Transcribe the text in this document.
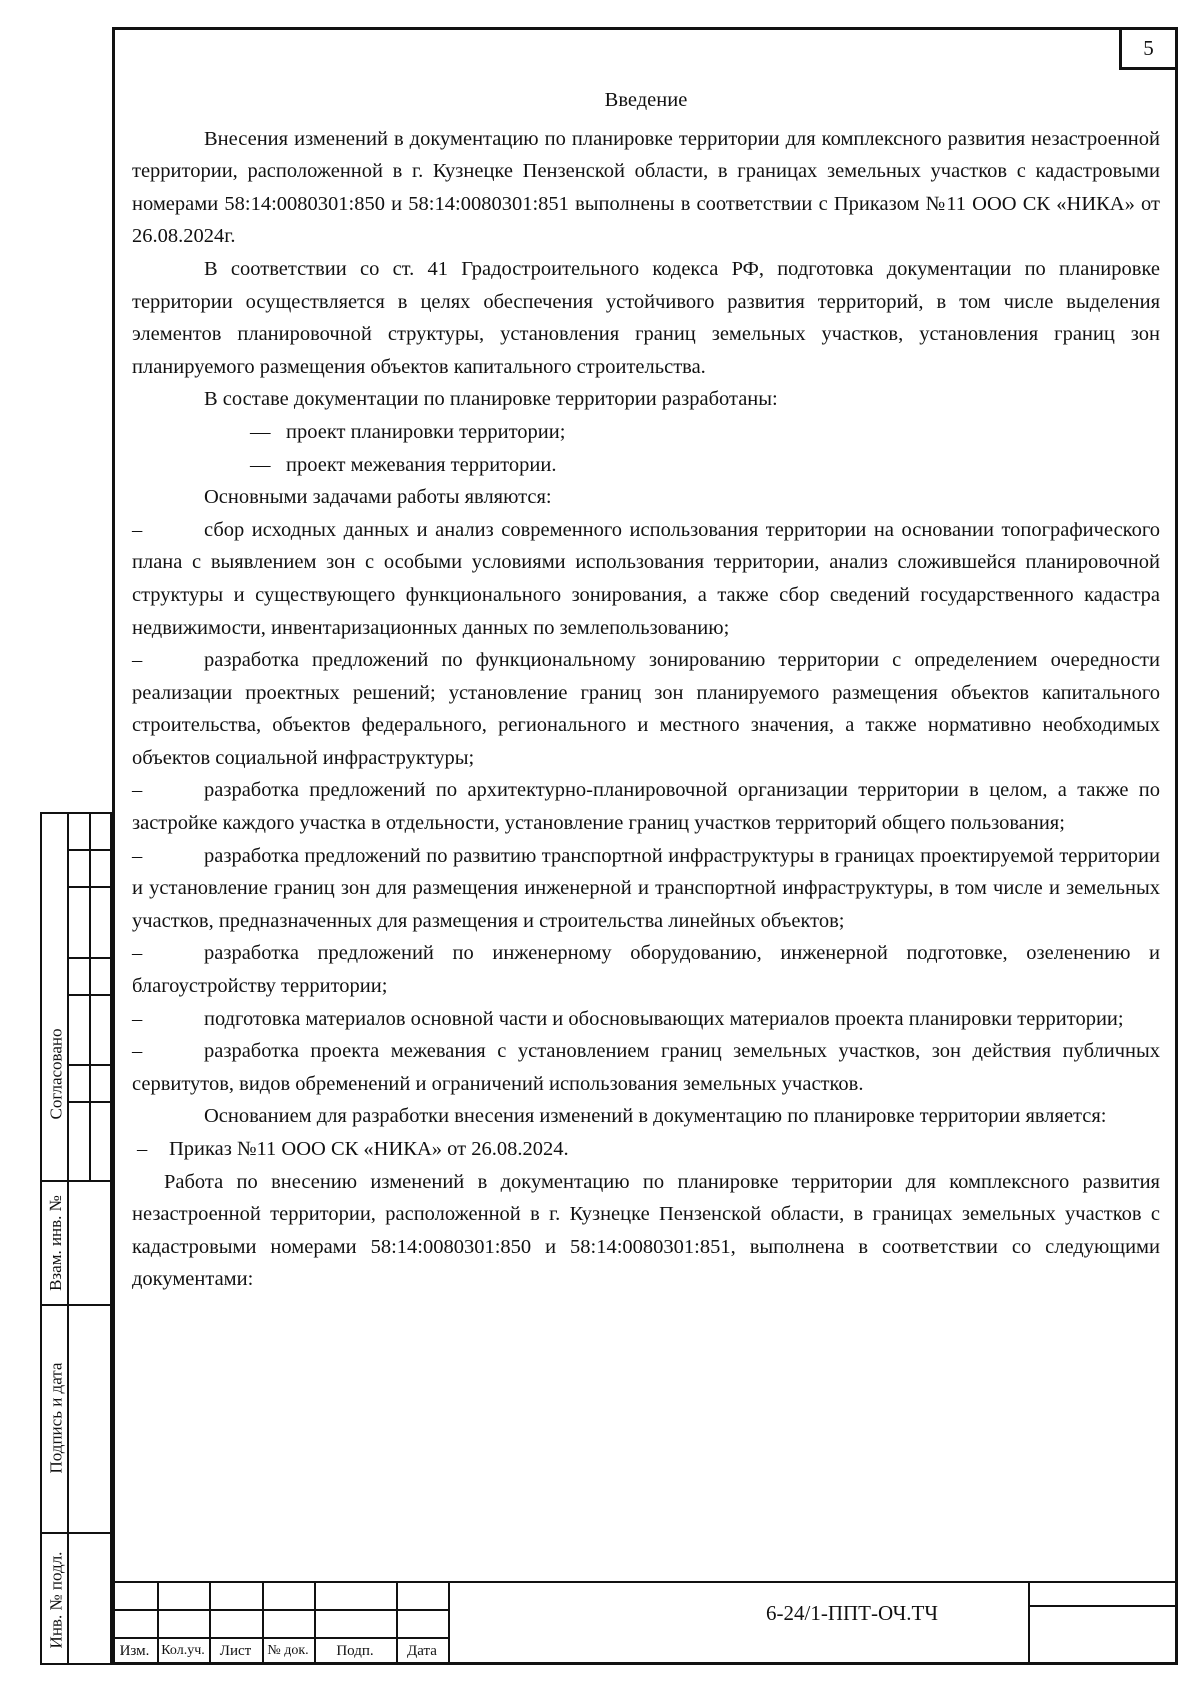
5
Введение

Внесения изменений в документацию по планировке территории для комплексного развития незастроенной территории, расположенной в г. Кузнецке Пензенской области, в границах земельных участков с кадастровыми номерами 58:14:0080301:850 и 58:14:0080301:851 выполнены в соответствии с Приказом №11 ООО СК «НИКА» от 26.08.2024г.

В соответствии со ст. 41 Градостроительного кодекса РФ, подготовка документации по планировке территории осуществляется в целях обеспечения устойчивого развития территорий, в том числе выделения элементов планировочной структуры, установления границ земельных участков, установления границ зон планируемого размещения объектов капитального строительства.

В составе документации по планировке территории разработаны:

— проект планировки территории;

— проект межевания территории.

Основными задачами работы являются:

–	сбор исходных данных и анализ современного использования территории на основании топографического плана с выявлением зон с особыми условиями использования территории, анализ сложившейся планировочной структуры и существующего функционального зонирования, а также сбор сведений государственного кадастра недвижимости, инвентаризационных данных по землепользованию;

–	разработка предложений по функциональному зонированию территории с определением очередности реализации проектных решений; установление границ зон планируемого размещения объектов капитального строительства, объектов федерального, регионального и местного значения, а также нормативно необходимых объектов социальной инфраструктуры;

–	разработка предложений по архитектурно-планировочной организации территории в целом, а также по застройке каждого участка в отдельности, установление границ участков территорий общего пользования;

–	разработка предложений по развитию транспортной инфраструктуры в границах проектируемой территории и установление границ зон для размещения инженерной и транспортной инфраструктуры, в том числе и земельных участков, предназначенных для размещения и строительства линейных объектов;

–	разработка предложений по инженерному оборудованию, инженерной подготовке, озеленению и благоустройству территории;

–	подготовка материалов основной части и обосновывающих материалов проекта планировки территории;

–	разработка проекта межевания с установлением границ земельных участков, зон действия публичных сервитутов, видов обременений и ограничений использования земельных участков.

Основанием для разработки внесения изменений в документацию по планировке территории является:

– Приказ №11 ООО СК «НИКА» от 26.08.2024.

Работа по внесению изменений в документацию по планировке территории для комплексного развития незастроенной территории, расположенной в г. Кузнецке Пензенской области, в границах земельных участков с кадастровыми номерами 58:14:0080301:850 и 58:14:0080301:851, выполнена в соответствии со следующими документами:

Согласовано
Взам. инв. №
Подпись и дата
Инв. № подл.
Изм. Кол.уч.	Лист	№ док.	Подп.	Дата
6-24/1-ППТ-ОЧ.ТЧ
